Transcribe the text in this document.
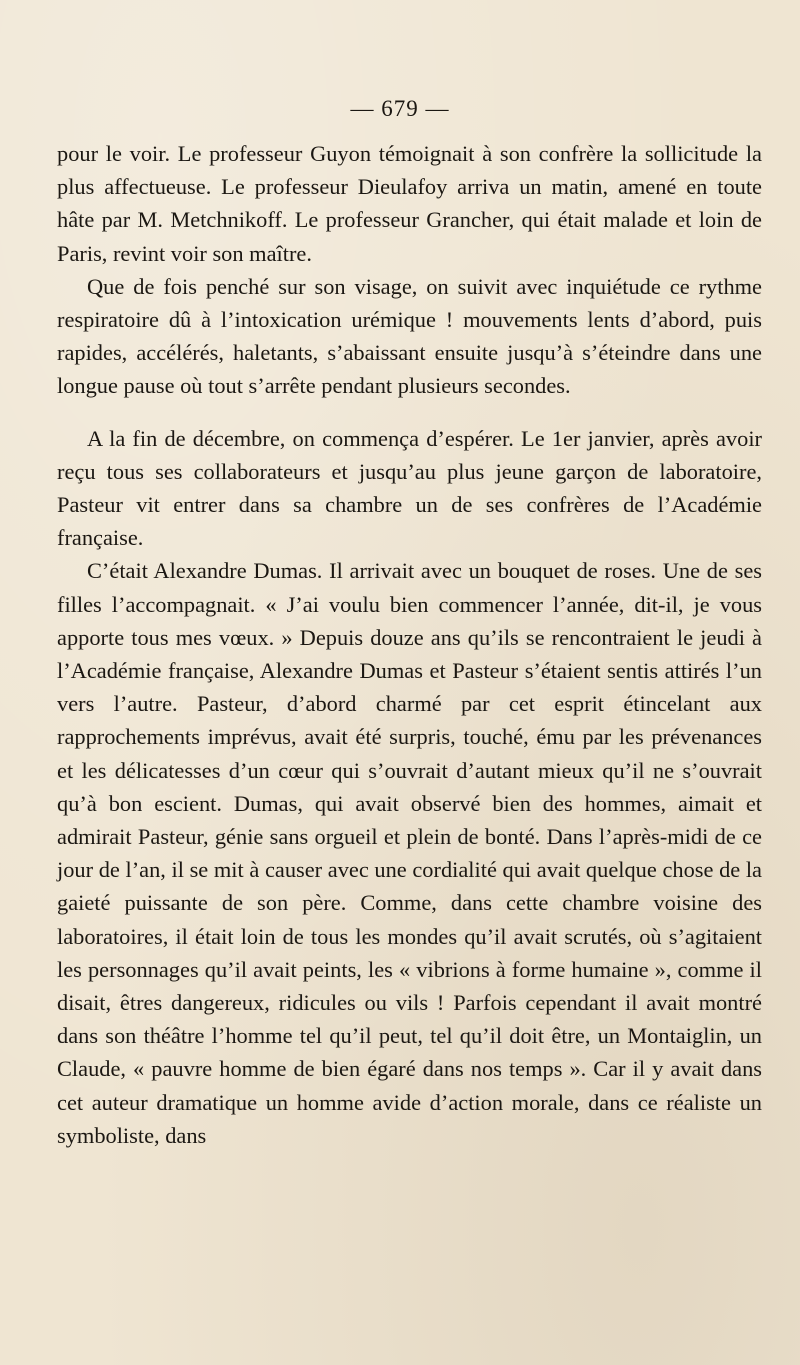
— 679 —

pour le voir. Le professeur Guyon témoignait à son confrère la sollicitude la plus affectueuse. Le professeur Dieulafoy arriva un matin, amené en toute hâte par M. Metchnikoff. Le professeur Grancher, qui était malade et loin de Paris, revint voir son maître.

Que de fois penché sur son visage, on suivit avec inquiétude ce rythme respiratoire dû à l’intoxication urémique ! mouvements lents d’abord, puis rapides, accélérés, haletants, s’abaissant ensuite jusqu’à s’éteindre dans une longue pause où tout s’arrête pendant plusieurs secondes.

A la fin de décembre, on commença d’espérer. Le 1er janvier, après avoir reçu tous ses collaborateurs et jusqu’au plus jeune garçon de laboratoire, Pasteur vit entrer dans sa chambre un de ses confrères de l’Académie française.

C’était Alexandre Dumas. Il arrivait avec un bouquet de roses. Une de ses filles l’accompagnait. « J’ai voulu bien commencer l’année, dit-il, je vous apporte tous mes vœux. » Depuis douze ans qu’ils se rencontraient le jeudi à l’Académie française, Alexandre Dumas et Pasteur s’étaient sentis attirés l’un vers l’autre. Pasteur, d’abord charmé par cet esprit étincelant aux rapprochements imprévus, avait été surpris, touché, ému par les prévenances et les délicatesses d’un cœur qui s’ouvrait d’autant mieux qu’il ne s’ouvrait qu’à bon escient. Dumas, qui avait observé bien des hommes, aimait et admirait Pasteur, génie sans orgueil et plein de bonté. Dans l’après-midi de ce jour de l’an, il se mit à causer avec une cordialité qui avait quelque chose de la gaieté puissante de son père. Comme, dans cette chambre voisine des laboratoires, il était loin de tous les mondes qu’il avait scrutés, où s’agitaient les personnages qu’il avait peints, les « vibrions à forme humaine », comme il disait, êtres dangereux, ridicules ou vils ! Parfois cependant il avait montré dans son théâtre l’homme tel qu’il peut, tel qu’il doit être, un Montaiglin, un Claude, « pauvre homme de bien égaré dans nos temps ». Car il y avait dans cet auteur dramatique un homme avide d’action morale, dans ce réaliste un symboliste, dans
